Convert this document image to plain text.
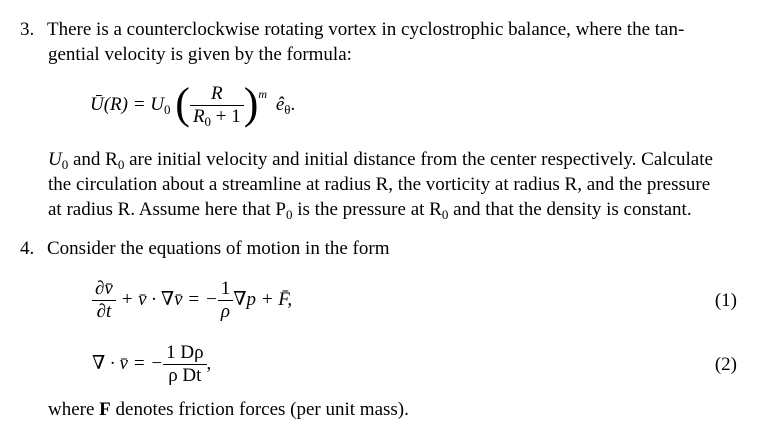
3. There is a counterclockwise rotating vortex in cyclostrophic balance, where the tan-
gential velocity is given by the formula:
Ū(R) = $U_0$ ( $\frac{R}{R_0 + 1} )^m$ $ê_\theta$.
$U_0$ and $R_0$ are initial velocity and initial distance from the center respectively. Calculate
the circulation about a streamline at radius R, the vorticity at radius R, and the pressure
at radius R. Assume here that $P_0$ is the pressure at $R_0$ and that the density is constant.
4. Consider the equations of motion in the form
$\frac{\partial v̄}{\partial t}$ + v̄ · ∇v̄ = − $\frac{1}{\rho} \nabla p$ + F̄,	(1)
∇ · v̄ = − $\frac{1 D\rho}{\text{ρ Dt}}$ ,	(2)
where F denotes friction forces (per unit mass).
